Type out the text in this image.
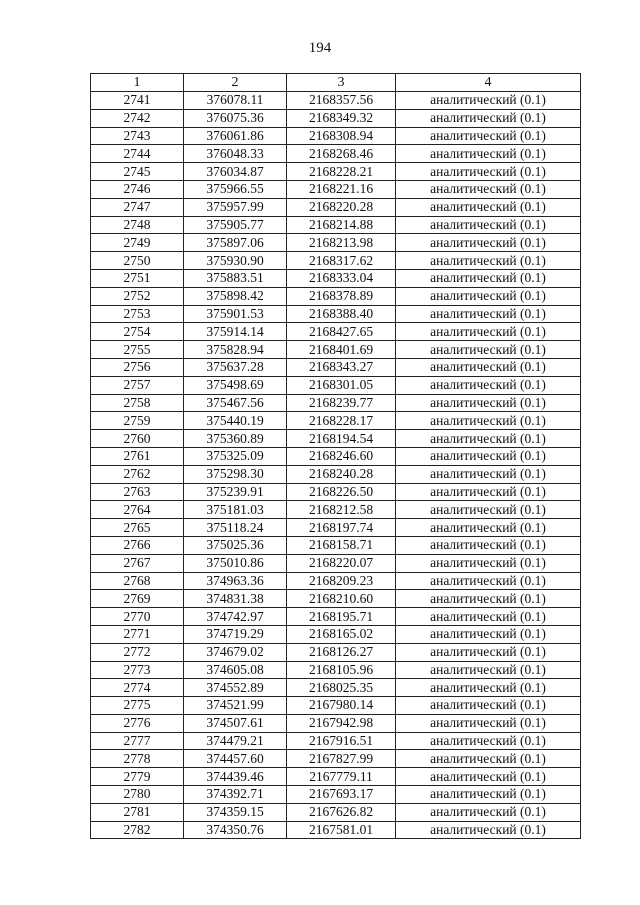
194
1	2	3	4
2741	376078.11	2168357.56	аналитический (0.1)
2742	376075.36	2168349.32	аналитический (0.1)
2743	376061.86	2168308.94	аналитический (0.1)
2744	376048.33	2168268.46	аналитический (0.1)
2745	376034.87	2168228.21	аналитический (0.1)
2746	375966.55	2168221.16	аналитический (0.1)
2747	375957.99	2168220.28	аналитический (0.1)
2748	375905.77	2168214.88	аналитический (0.1)
2749	375897.06	2168213.98	аналитический (0.1)
2750	375930.90	2168317.62	аналитический (0.1)
2751	375883.51	2168333.04	аналитический (0.1)
2752	375898.42	2168378.89	аналитический (0.1)
2753	375901.53	2168388.40	аналитический (0.1)
2754	375914.14	2168427.65	аналитический (0.1)
2755	375828.94	2168401.69	аналитический (0.1)
2756	375637.28	2168343.27	аналитический (0.1)
2757	375498.69	2168301.05	аналитический (0.1)
2758	375467.56	2168239.77	аналитический (0.1)
2759	375440.19	2168228.17	аналитический (0.1)
2760	375360.89	2168194.54	аналитический (0.1)
2761	375325.09	2168246.60	аналитический (0.1)
2762	375298.30	2168240.28	аналитический (0.1)
2763	375239.91	2168226.50	аналитический (0.1)
2764	375181.03	2168212.58	аналитический (0.1)
2765	375118.24	2168197.74	аналитический (0.1)
2766	375025.36	2168158.71	аналитический (0.1)
2767	375010.86	2168220.07	аналитический (0.1)
2768	374963.36	2168209.23	аналитический (0.1)
2769	374831.38	2168210.60	аналитический (0.1)
2770	374742.97	2168195.71	аналитический (0.1)
2771	374719.29	2168165.02	аналитический (0.1)
2772	374679.02	2168126.27	аналитический (0.1)
2773	374605.08	2168105.96	аналитический (0.1)
2774	374552.89	2168025.35	аналитический (0.1)
2775	374521.99	2167980.14	аналитический (0.1)
2776	374507.61	2167942.98	аналитический (0.1)
2777	374479.21	2167916.51	аналитический (0.1)
2778	374457.60	2167827.99	аналитический (0.1)
2779	374439.46	2167779.11	аналитический (0.1)
2780	374392.71	2167693.17	аналитический (0.1)
2781	374359.15	2167626.82	аналитический (0.1)
2782	374350.76	2167581.01	аналитический (0.1)
